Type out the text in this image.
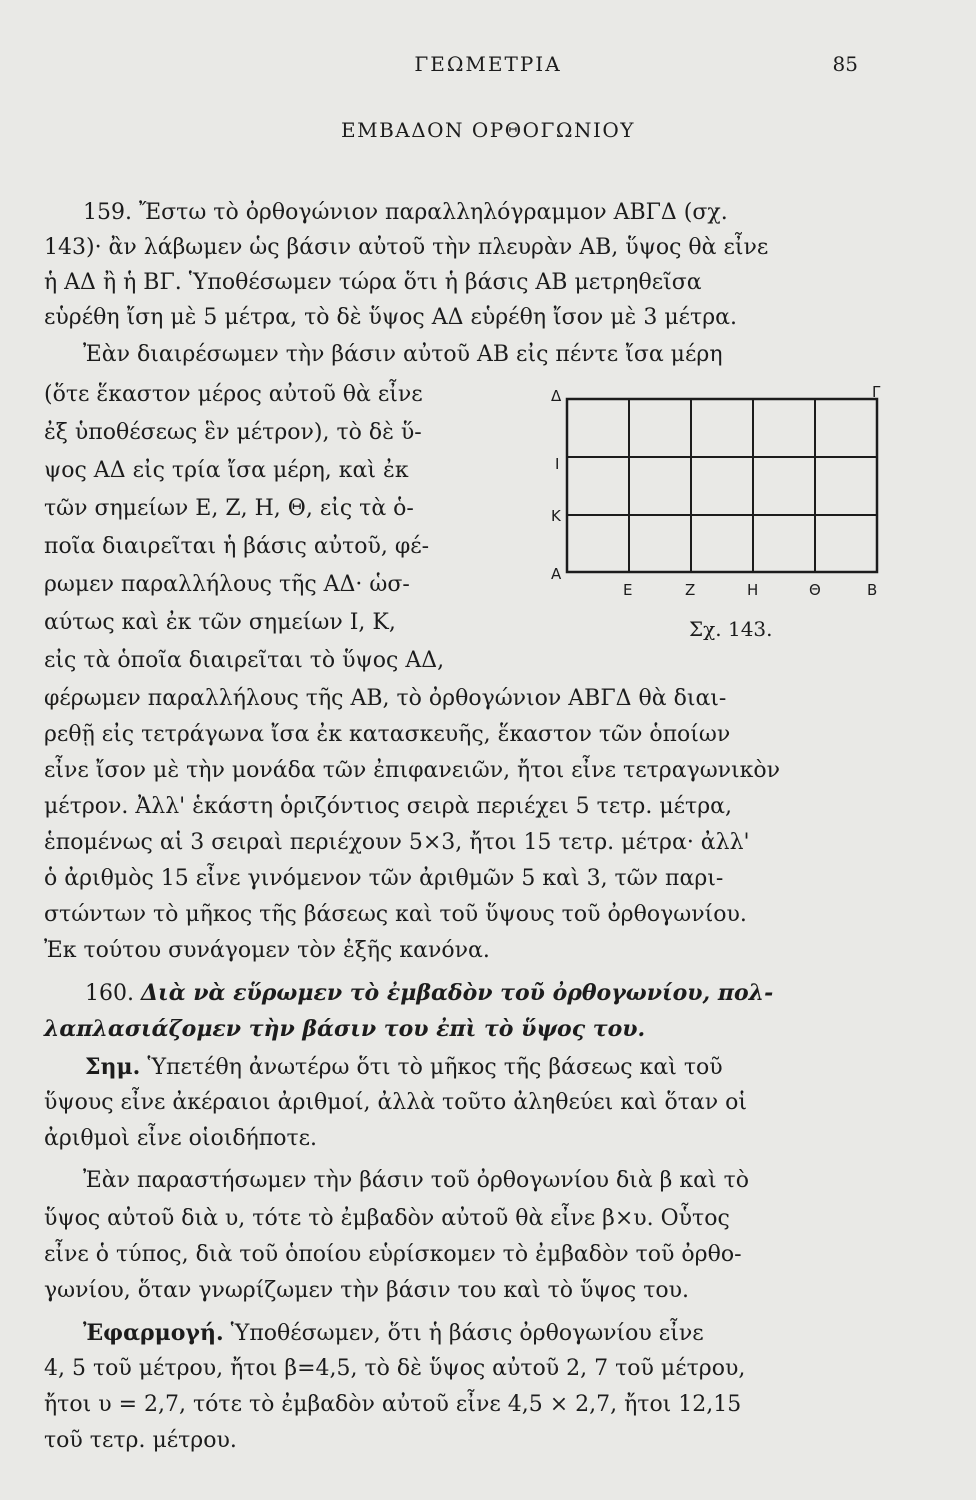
ΓΕΩΜΕΤΡΙΑ	85
ΕΜΒΑΔΟΝ ΟΡΘΟΓΩΝΙΟΥ
159. Ἔστω τὸ ὀρθογώνιον παραλληλόγραμμον ΑΒΓΔ (σχ.
143)· ἂν λάβωμεν ὡς βάσιν αὐτοῦ τὴν πλευρὰν ΑΒ, ὕψος θὰ εἶνε
ἡ ΑΔ ἢ ἡ ΒΓ. Ὑποθέσωμεν τώρα ὅτι ἡ βάσις ΑΒ μετρηθεῖσα
εὑρέθη ἴση μὲ 5 μέτρα, τὸ δὲ ὕψος ΑΔ εὑρέθη ἴσον μὲ 3 μέτρα.
Ἐὰν διαιρέσωμεν τὴν βάσιν αὐτοῦ ΑΒ εἰς πέντε ἴσα μέρη
(ὅτε ἕκαστον μέρος αὐτοῦ θὰ εἶνε
ἐξ ὑποθέσεως ἓν μέτρον), τὸ δὲ ὕ-
ψος ΑΔ εἰς τρία ἴσα μέρη, καὶ ἐκ
τῶν σημείων Ε, Ζ, Η, Θ, εἰς τὰ ὁ-
ποῖα διαιρεῖται ἡ βάσις αὐτοῦ, φέ-
ρωμεν παραλλήλους τῆς ΑΔ· ὡσ-
αύτως καὶ ἐκ τῶν σημείων Ι, Κ,
εἰς τὰ ὁποῖα διαιρεῖται τὸ ὕψος ΑΔ,
φέρωμεν παραλλήλους τῆς ΑΒ, τὸ ὀρθογώνιον ΑΒΓΔ θὰ διαι-
ρεθῇ εἰς τετράγωνα ἴσα ἐκ κατασκευῆς, ἕκαστον τῶν ὁποίων
εἶνε ἴσον μὲ τὴν μονάδα τῶν ἐπιφανειῶν, ἤτοι εἶνε τετραγωνικὸν
μέτρον. Ἀλλ' ἑκάστη ὁριζόντιος σειρὰ περιέχει 5 τετρ. μέτρα,
ἑπομένως αἱ 3 σειραὶ περιέχουν 5×3, ἤτοι 15 τετρ. μέτρα· ἀλλ'
ὁ ἀριθμὸς 15 εἶνε γινόμενον τῶν ἀριθμῶν 5 καὶ 3, τῶν παρι-
στώντων τὸ μῆκος τῆς βάσεως καὶ τοῦ ὕψους τοῦ ὀρθογωνίου.
Ἐκ τούτου συνάγομεν τὸν ἑξῆς κανόνα.
160. Διὰ νὰ εὕρωμεν τὸ ἐμβαδὸν τοῦ ὀρθογωνίου, πολ-
λαπλασιάζομεν τὴν βάσιν του ἐπὶ τὸ ὕψος του.
Σημ. Ὑπετέθη ἀνωτέρω ὅτι τὸ μῆκος τῆς βάσεως καὶ τοῦ
ὕψους εἶνε ἀκέραιοι ἀριθμοί, ἀλλὰ τοῦτο ἀληθεύει καὶ ὅταν οἱ
ἀριθμοὶ εἶνε οἱοιδήποτε.
Ἐὰν παραστήσωμεν τὴν βάσιν τοῦ ὀρθογωνίου διὰ β καὶ τὸ
ὕψος αὐτοῦ διὰ υ, τότε τὸ ἐμβαδὸν αὐτοῦ θὰ εἶνε β×υ. Οὗτος
εἶνε ὁ τύπος, διὰ τοῦ ὁποίου εὑρίσκομεν τὸ ἐμβαδὸν τοῦ ὀρθο-
γωνίου, ὅταν γνωρίζωμεν τὴν βάσιν του καὶ τὸ ὕψος του.
Ἐφαρμογή. Ὑποθέσωμεν, ὅτι ἡ βάσις ὀρθογωνίου εἶνε
4, 5 τοῦ μέτρου, ἤτοι β=4,5, τὸ δὲ ὕψος αὐτοῦ 2, 7 τοῦ μέτρου,
ἤτοι υ = 2,7, τότε τὸ ἐμβαδὸν αὐτοῦ εἶνε 4,5 × 2,7, ἤτοι 12,15
τοῦ τετρ. μέτρου.
Δ	Γ
Ι
Κ
Α
Ε	Ζ	Η	Θ	Β
Σχ. 143.
